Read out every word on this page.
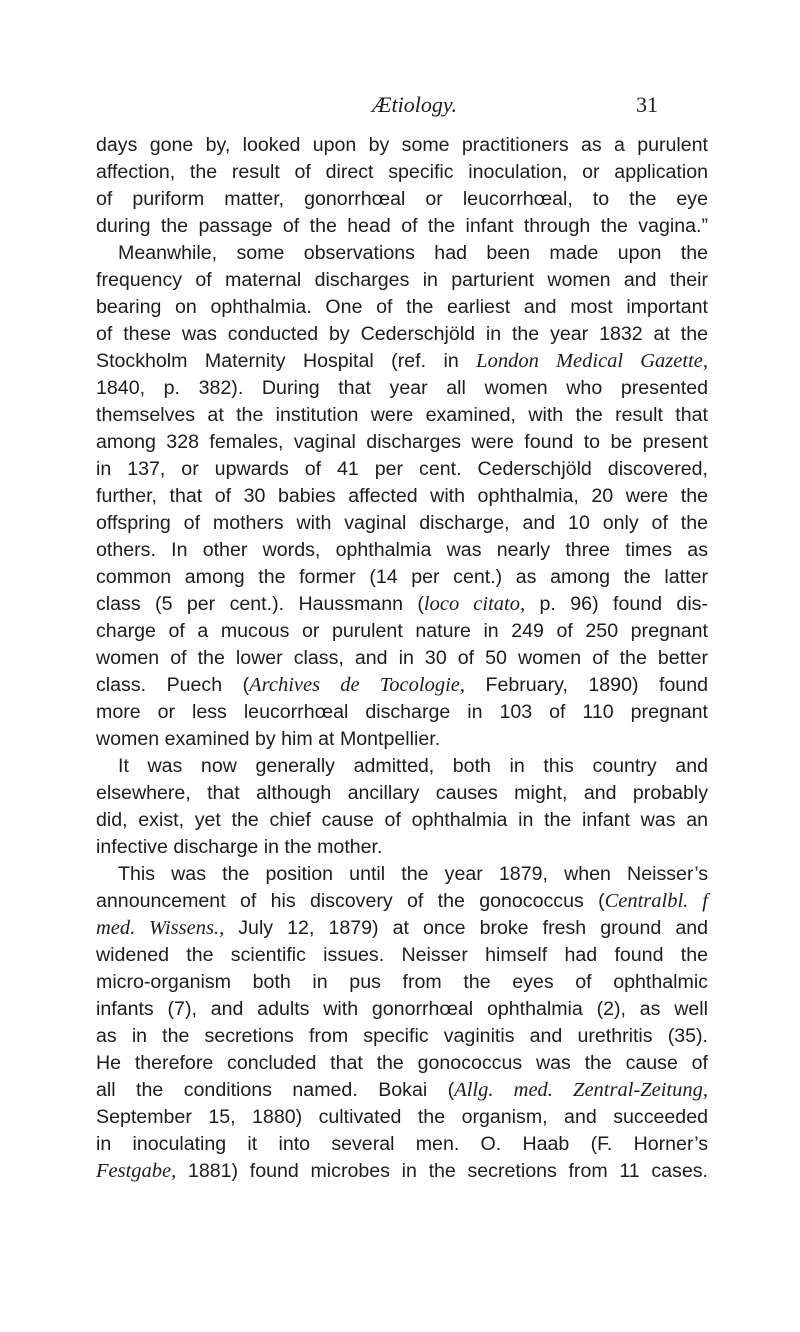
Ætiology.	31
days gone by, looked upon by some practitioners as a purulent
affection, the result of direct specific inoculation, or application
of puriform matter, gonorrhœal or leucorrhœal, to the eye
during the passage of the head of the infant through the vagina.”
Meanwhile, some observations had been made upon the
frequency of maternal discharges in parturient women and their
bearing on ophthalmia. One of the earliest and most important
of these was conducted by Cederschjöld in the year 1832 at the
Stockholm Maternity Hospital (ref. in London Medical Gazette,
1840, p. 382). During that year all women who presented
themselves at the institution were examined, with the result that
among 328 females, vaginal discharges were found to be present
in 137, or upwards of 41 per cent. Cederschjöld discovered,
further, that of 30 babies affected with ophthalmia, 20 were the
offspring of mothers with vaginal discharge, and 10 only of the
others. In other words, ophthalmia was nearly three times as
common among the former (14 per cent.) as among the latter
class (5 per cent.). Haussmann (loco citato, p. 96) found dis-
charge of a mucous or purulent nature in 249 of 250 pregnant
women of the lower class, and in 30 of 50 women of the better
class. Puech (Archives de Tocologie, February, 1890) found
more or less leucorrhœal discharge in 103 of 110 pregnant
women examined by him at Montpellier.
It was now generally admitted, both in this country and
elsewhere, that although ancillary causes might, and probably
did, exist, yet the chief cause of ophthalmia in the infant was an
infective discharge in the mother.
This was the position until the year 1879, when Neisser’s
announcement of his discovery of the gonococcus (Centralbl. f
med. Wissens., July 12, 1879) at once broke fresh ground and
widened the scientific issues. Neisser himself had found the
micro-organism both in pus from the eyes of ophthalmic
infants (7), and adults with gonorrhœal ophthalmia (2), as well
as in the secretions from specific vaginitis and urethritis (35).
He therefore concluded that the gonococcus was the cause of
all the conditions named. Bokai (Allg. med. Zentral-Zeitung,
September 15, 1880) cultivated the organism, and succeeded
in inoculating it into several men. O. Haab (F. Horner’s
Festgabe, 1881) found microbes in the secretions from 11 cases.
